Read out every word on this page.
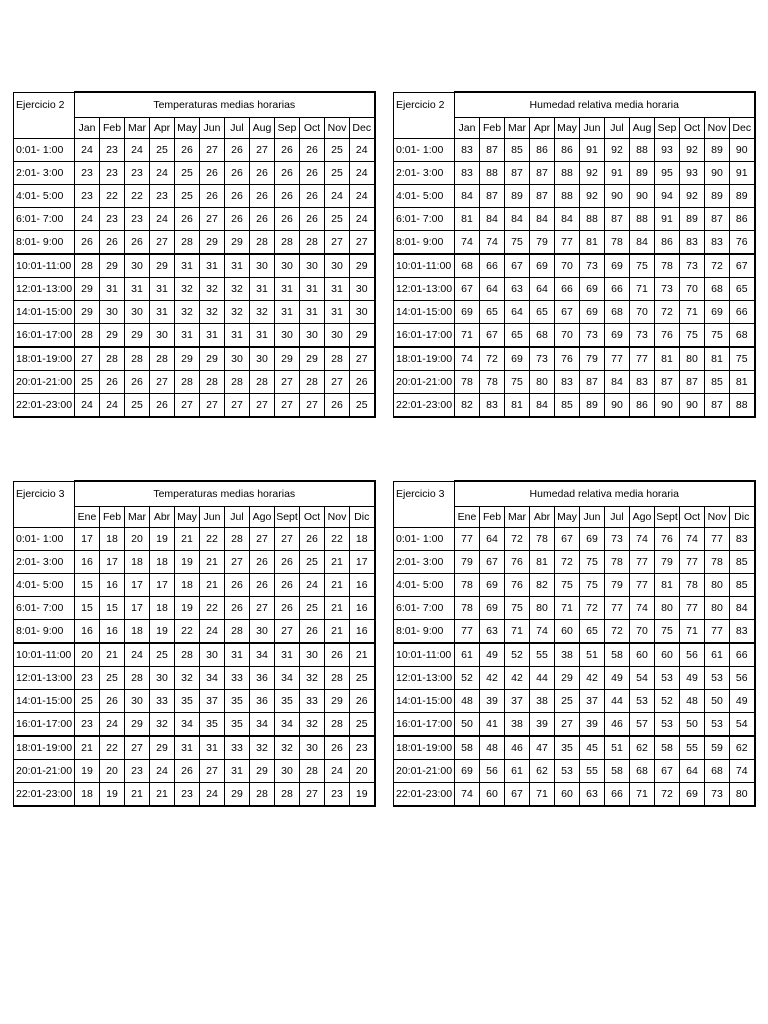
Ejercicio 2	Temperaturas medias horarias											
	Jan	Feb	Mar	Apr	May	Jun	Jul	Aug	Sep	Oct	Nov	Dec
0:01- 1:00	24	23	24	25	26	27	26	27	26	26	25	24
2:01- 3:00	23	23	23	24	25	26	26	26	26	26	25	24
4:01- 5:00	23	22	22	23	25	26	26	26	26	26	24	24
6:01- 7:00	24	23	23	24	26	27	26	26	26	26	25	24
8:01- 9:00	26	26	26	27	28	29	29	28	28	28	27	27
10:01-11:00	28	29	30	29	31	31	31	30	30	30	30	29
12:01-13:00	29	31	31	31	32	32	32	31	31	31	31	30
14:01-15:00	29	30	30	31	32	32	32	32	31	31	31	30
16:01-17:00	28	29	29	30	31	31	31	31	30	30	30	29
18:01-19:00	27	28	28	28	29	29	30	30	29	29	28	27
20:01-21:00	25	26	26	27	28	28	28	28	27	28	27	26
22:01-23:00	24	24	25	26	27	27	27	27	27	27	26	25
Ejercicio 2	Humedad relativa media horaria											
	Jan	Feb	Mar	Apr	May	Jun	Jul	Aug	Sep	Oct	Nov	Dec
0:01- 1:00	83	87	85	86	86	91	92	88	93	92	89	90
2:01- 3:00	83	88	87	87	88	92	91	89	95	93	90	91
4:01- 5:00	84	87	89	87	88	92	90	90	94	92	89	89
6:01- 7:00	81	84	84	84	84	88	87	88	91	89	87	86
8:01- 9:00	74	74	75	79	77	81	78	84	86	83	83	76
10:01-11:00	68	66	67	69	70	73	69	75	78	73	72	67
12:01-13:00	67	64	63	64	66	69	66	71	73	70	68	65
14:01-15:00	69	65	64	65	67	69	68	70	72	71	69	66
16:01-17:00	71	67	65	68	70	73	69	73	76	75	75	68
18:01-19:00	74	72	69	73	76	79	77	77	81	80	81	75
20:01-21:00	78	78	75	80	83	87	84	83	87	87	85	81
22:01-23:00	82	83	81	84	85	89	90	86	90	90	87	88
Ejercicio 3	Temperaturas medias horarias											
	Ene	Feb	Mar	Abr	May	Jun	Jul	Ago	Sept	Oct	Nov	Dic
0:01- 1:00	17	18	20	19	21	22	28	27	27	26	22	18
2:01- 3:00	16	17	18	18	19	21	27	26	26	25	21	17
4:01- 5:00	15	16	17	17	18	21	26	26	26	24	21	16
6:01- 7:00	15	15	17	18	19	22	26	27	26	25	21	16
8:01- 9:00	16	16	18	19	22	24	28	30	27	26	21	16
10:01-11:00	20	21	24	25	28	30	31	34	31	30	26	21
12:01-13:00	23	25	28	30	32	34	33	36	34	32	28	25
14:01-15:00	25	26	30	33	35	37	35	36	35	33	29	26
16:01-17:00	23	24	29	32	34	35	35	34	34	32	28	25
18:01-19:00	21	22	27	29	31	31	33	32	32	30	26	23
20:01-21:00	19	20	23	24	26	27	31	29	30	28	24	20
22:01-23:00	18	19	21	21	23	24	29	28	28	27	23	19
Ejercicio 3	Humedad relativa media horaria											
	Ene	Feb	Mar	Abr	May	Jun	Jul	Ago	Sept	Oct	Nov	Dic
0:01- 1:00	77	64	72	78	67	69	73	74	76	74	77	83
2:01- 3:00	79	67	76	81	72	75	78	77	79	77	78	85
4:01- 5:00	78	69	76	82	75	75	79	77	81	78	80	85
6:01- 7:00	78	69	75	80	71	72	77	74	80	77	80	84
8:01- 9:00	77	63	71	74	60	65	72	70	75	71	77	83
10:01-11:00	61	49	52	55	38	51	58	60	60	56	61	66
12:01-13:00	52	42	42	44	29	42	49	54	53	49	53	56
14:01-15:00	48	39	37	38	25	37	44	53	52	48	50	49
16:01-17:00	50	41	38	39	27	39	46	57	53	50	53	54
18:01-19:00	58	48	46	47	35	45	51	62	58	55	59	62
20:01-21:00	69	56	61	62	53	55	58	68	67	64	68	74
22:01-23:00	74	60	67	71	60	63	66	71	72	69	73	80
